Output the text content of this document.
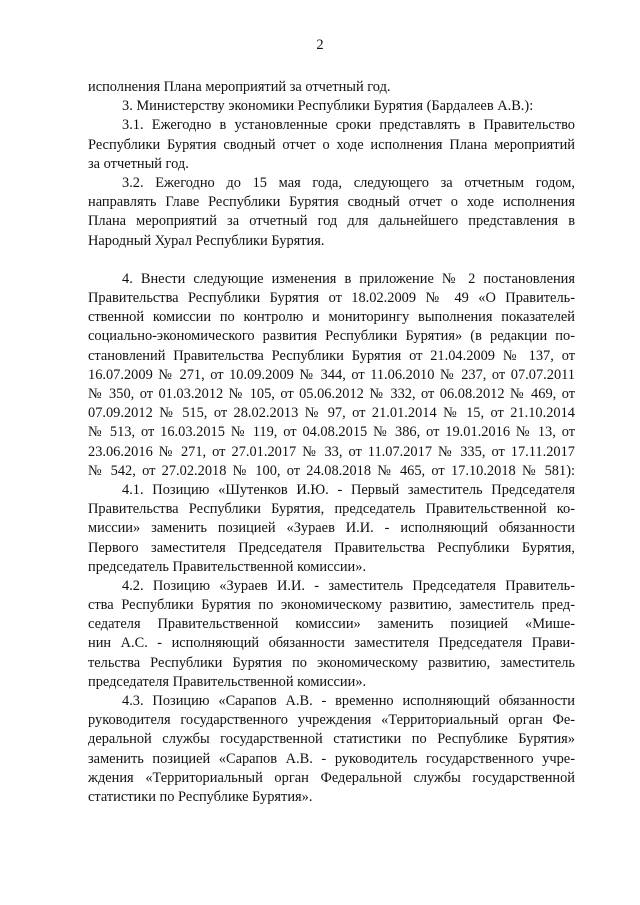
2
исполнения Плана мероприятий за отчетный год.
3. Министерству экономики Республики Бурятия (Бардалеев А.В.):
3.1. Ежегодно в установленные сроки представлять в Правительство
Республики Бурятия сводный отчет о ходе исполнения Плана мероприятий
за отчетный год.
3.2. Ежегодно до 15 мая года, следующего за отчетным годом,
направлять Главе Республики Бурятия сводный отчет о ходе исполнения
Плана мероприятий за отчетный год для дальнейшего представления в
Народный Хурал Республики Бурятия.
4. Внести следующие изменения в приложение № 2 постановления
Правительства Республики Бурятия от 18.02.2009 № 49 «О Правитель-
ственной комиссии по контролю и мониторингу выполнения показателей
социально-экономического развития Республики Бурятия» (в редакции по-
становлений Правительства Республики Бурятия от 21.04.2009 № 137, от
16.07.2009 № 271, от 10.09.2009 № 344, от 11.06.2010 № 237, от 07.07.2011
№ 350, от 01.03.2012 № 105, от 05.06.2012 № 332, от 06.08.2012 № 469, от
07.09.2012 № 515, от 28.02.2013 № 97, от 21.01.2014 № 15, от 21.10.2014
№ 513, от 16.03.2015 № 119, от 04.08.2015 № 386, от 19.01.2016 № 13, от
23.06.2016 № 271, от 27.01.2017 № 33, от 11.07.2017 № 335, от 17.11.2017
№ 542, от 27.02.2018 № 100, от 24.08.2018 № 465, от 17.10.2018 № 581):
4.1. Позицию «Шутенков И.Ю. - Первый заместитель Председателя
Правительства Республики Бурятия, председатель Правительственной ко-
миссии» заменить позицией «Зураев И.И. - исполняющий обязанности
Первого заместителя Председателя Правительства Республики Бурятия,
председатель Правительственной комиссии».
4.2. Позицию «Зураев И.И. - заместитель Председателя Правитель-
ства Республики Бурятия по экономическому развитию, заместитель пред-
седателя Правительственной комиссии» заменить позицией «Мише-
нин А.С. - исполняющий обязанности заместителя Председателя Прави-
тельства Республики Бурятия по экономическому развитию, заместитель
председателя Правительственной комиссии».
4.3. Позицию «Сарапов А.В. - временно исполняющий обязанности
руководителя государственного учреждения «Территориальный орган Фе-
деральной службы государственной статистики по Республике Бурятия»
заменить позицией «Сарапов А.В. - руководитель государственного учре-
ждения «Территориальный орган Федеральной службы государственной
статистики по Республике Бурятия».
